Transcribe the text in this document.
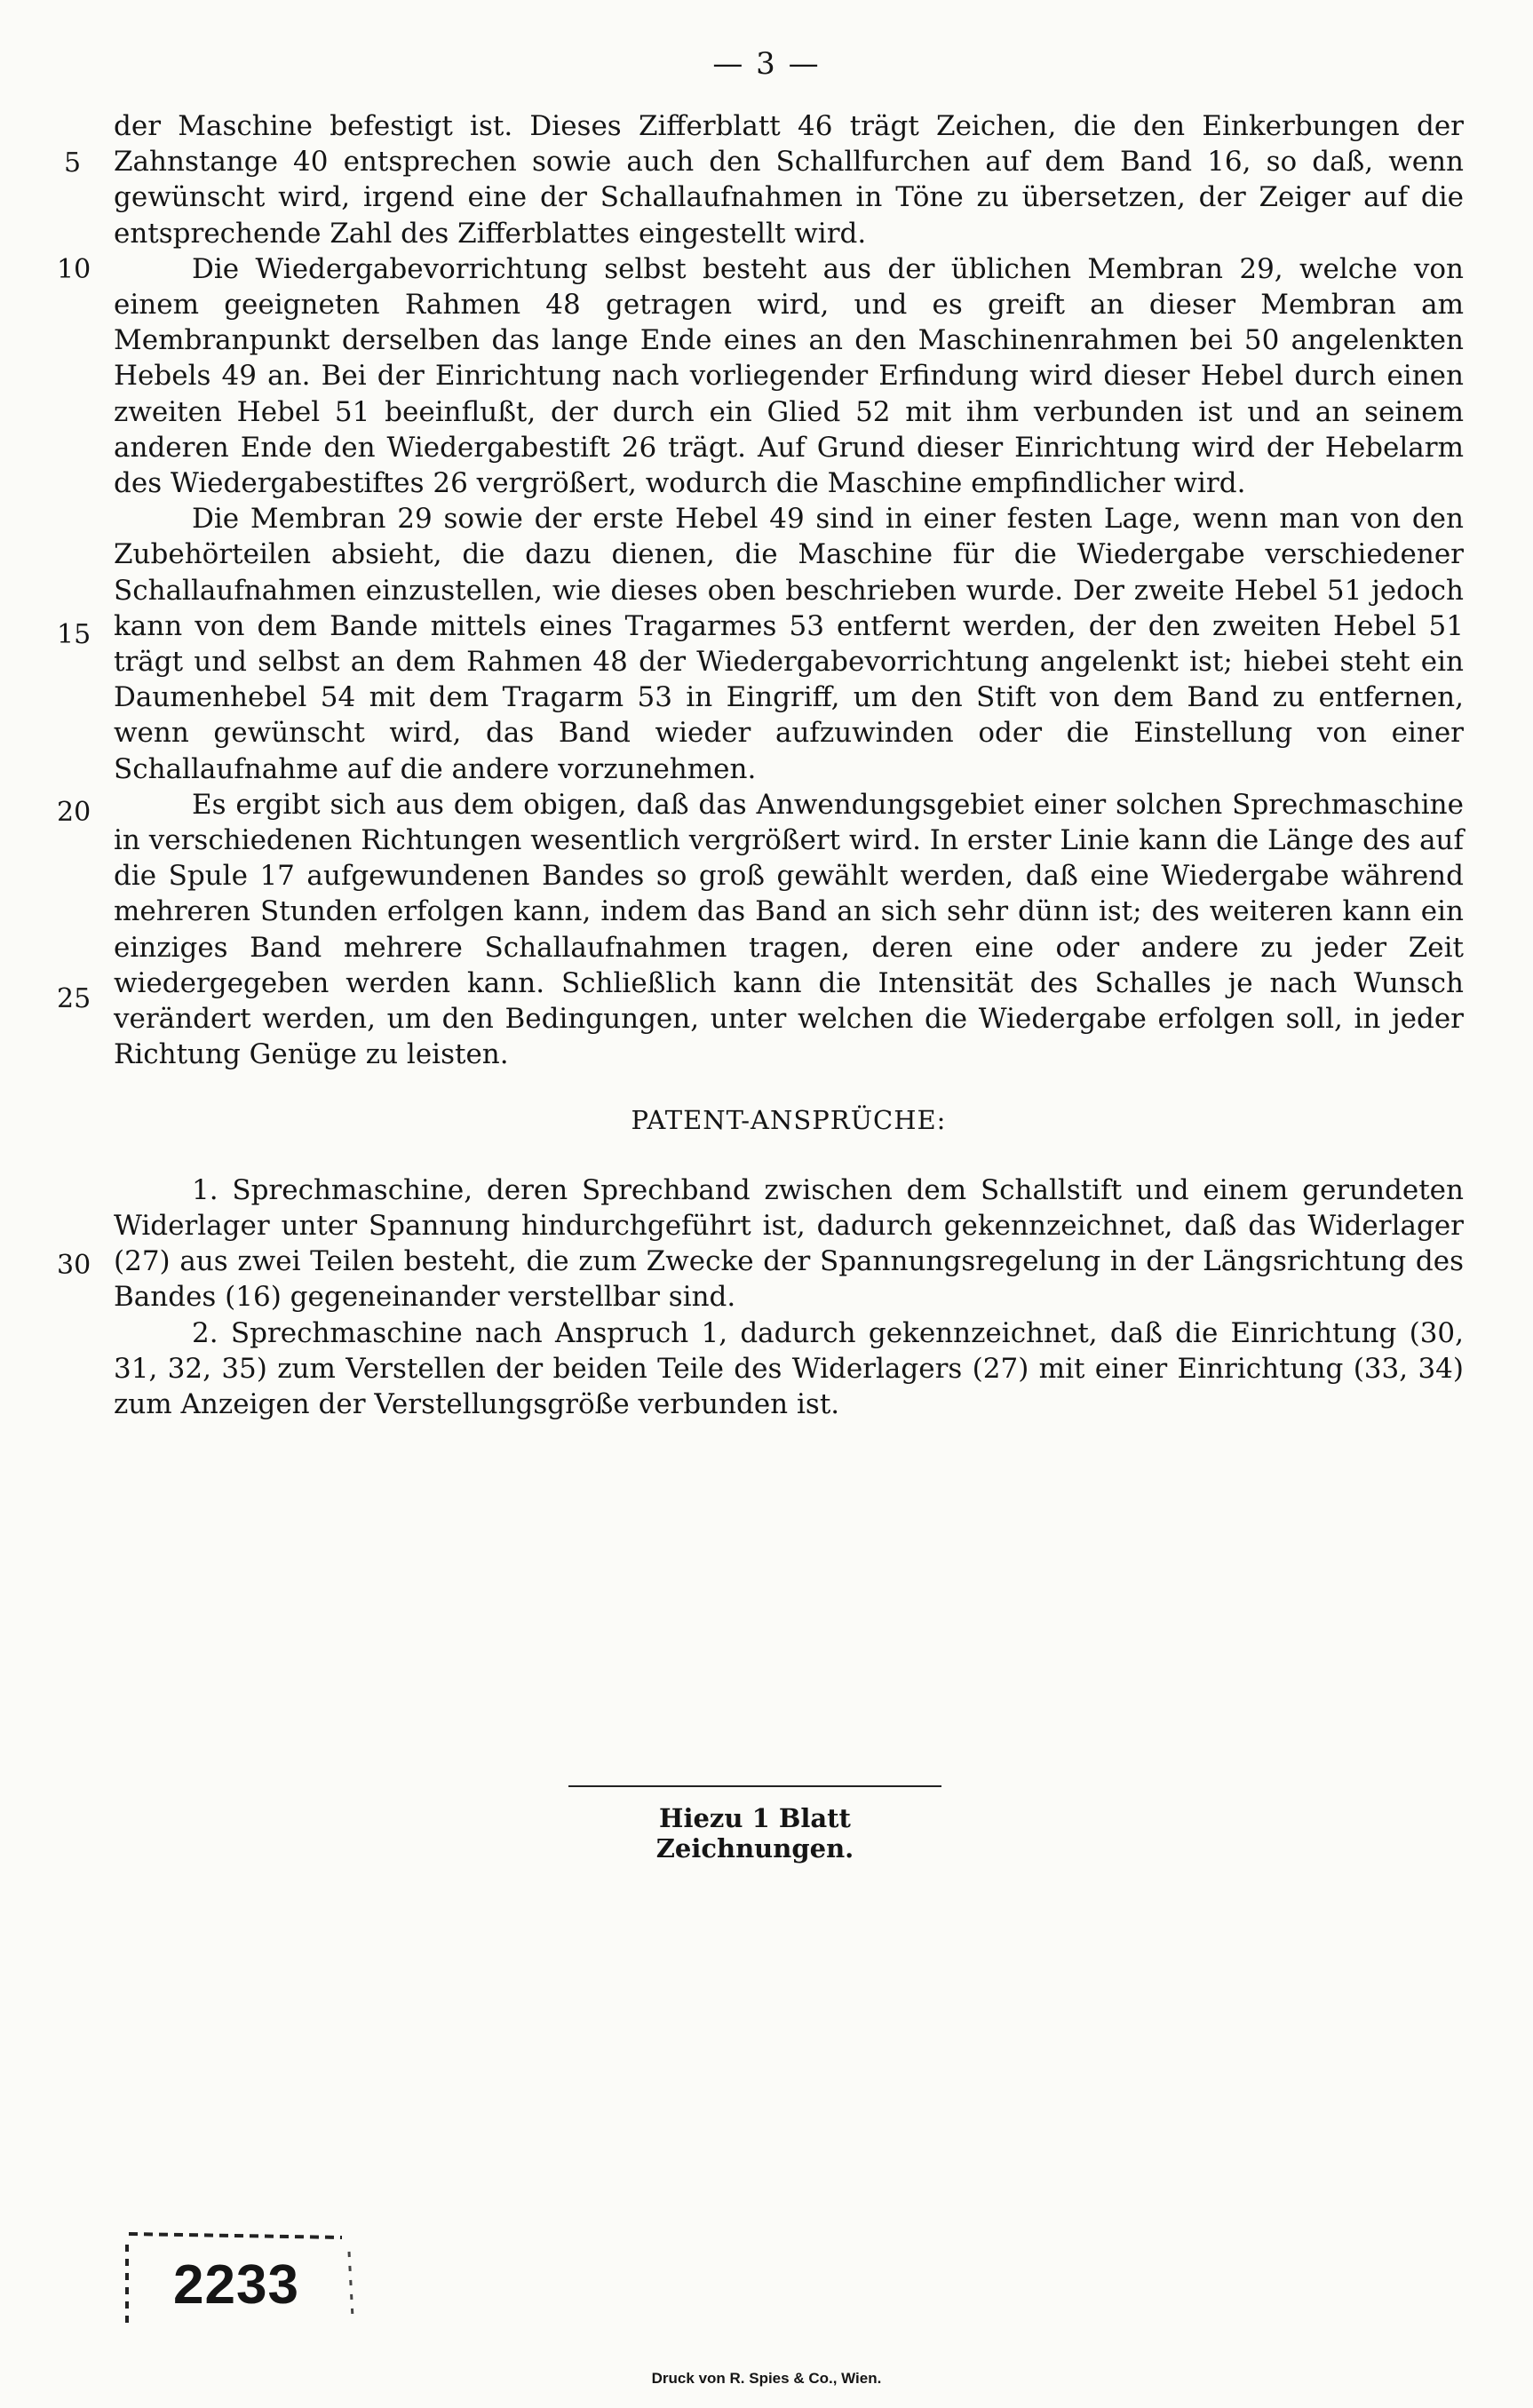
— 3 —
5
10
15
20
25
30

der Maschine befestigt ist. Dieses Zifferblatt 46 trägt Zeichen, die den Einkerbungen der Zahnstange 40 entsprechen sowie auch den Schallfurchen auf dem Band 16, so daß, wenn gewünscht wird, irgend eine der Schallaufnahmen in Töne zu übersetzen, der Zeiger auf die entsprechende Zahl des Zifferblattes eingestellt wird.

Die Wiedergabevorrichtung selbst besteht aus der üblichen Membran 29, welche von einem geeigneten Rahmen 48 getragen wird, und es greift an dieser Membran am Membranpunkt derselben das lange Ende eines an den Maschinenrahmen bei 50 angelenkten Hebels 49 an. Bei der Einrichtung nach vorliegender Erfindung wird dieser Hebel durch einen zweiten Hebel 51 beeinflußt, der durch ein Glied 52 mit ihm verbunden ist und an seinem anderen Ende den Wiedergabestift 26 trägt. Auf Grund dieser Einrichtung wird der Hebelarm des Wiedergabestiftes 26 vergrößert, wodurch die Maschine empfindlicher wird.

Die Membran 29 sowie der erste Hebel 49 sind in einer festen Lage, wenn man von den Zubehörteilen absieht, die dazu dienen, die Maschine für die Wiedergabe verschiedener Schallaufnahmen einzustellen, wie dieses oben beschrieben wurde. Der zweite Hebel 51 jedoch kann von dem Bande mittels eines Tragarmes 53 entfernt werden, der den zweiten Hebel 51 trägt und selbst an dem Rahmen 48 der Wiedergabevorrichtung angelenkt ist; hiebei steht ein Daumenhebel 54 mit dem Tragarm 53 in Eingriff, um den Stift von dem Band zu entfernen, wenn gewünscht wird, das Band wieder aufzuwinden oder die Einstellung von einer Schallaufnahme auf die andere vorzunehmen.

Es ergibt sich aus dem obigen, daß das Anwendungsgebiet einer solchen Sprechmaschine in verschiedenen Richtungen wesentlich vergrößert wird. In erster Linie kann die Länge des auf die Spule 17 aufgewundenen Bandes so groß gewählt werden, daß eine Wiedergabe während mehreren Stunden erfolgen kann, indem das Band an sich sehr dünn ist; des weiteren kann ein einziges Band mehrere Schallaufnahmen tragen, deren eine oder andere zu jeder Zeit wiedergegeben werden kann. Schließlich kann die Intensität des Schalles je nach Wunsch verändert werden, um den Bedingungen, unter welchen die Wiedergabe erfolgen soll, in jeder Richtung Genüge zu leisten.

PATENT-ANSPRÜCHE:

1. Sprechmaschine, deren Sprechband zwischen dem Schallstift und einem gerundeten Widerlager unter Spannung hindurchgeführt ist, dadurch gekennzeichnet, daß das Widerlager (27) aus zwei Teilen besteht, die zum Zwecke der Spannungsregelung in der Längsrichtung des Bandes (16) gegeneinander verstellbar sind.

2. Sprechmaschine nach Anspruch 1, dadurch gekennzeichnet, daß die Einrichtung (30, 31, 32, 35) zum Verstellen der beiden Teile des Widerlagers (27) mit einer Einrichtung (33, 34) zum Anzeigen der Verstellungsgröße verbunden ist.

Hiezu 1 Blatt Zeichnungen.
2233
Druck von R. Spies & Co., Wien.
